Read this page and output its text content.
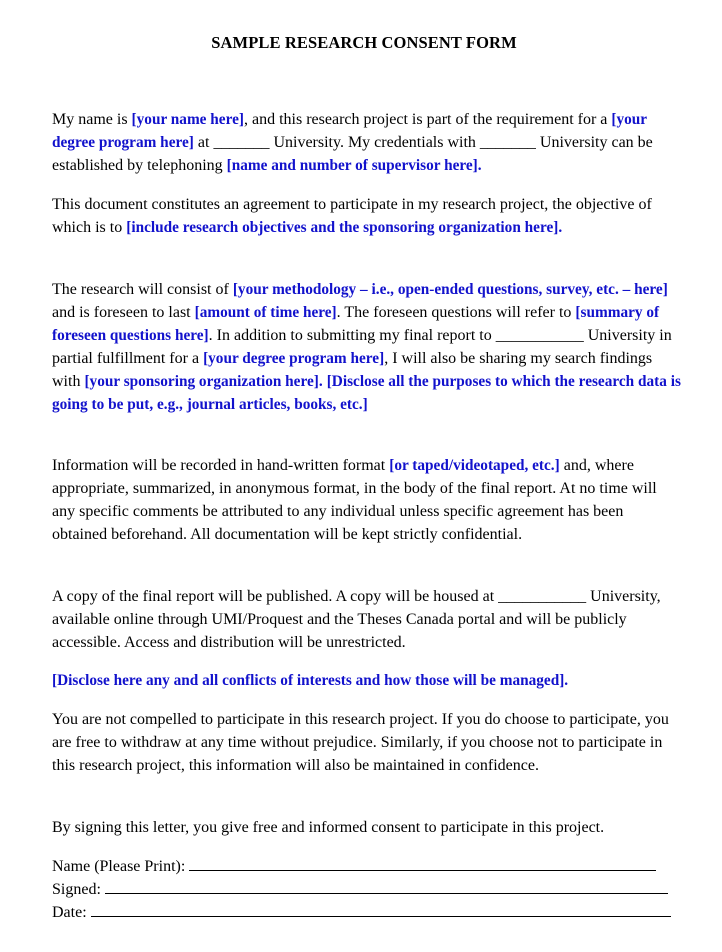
SAMPLE RESEARCH CONSENT FORM

My name is [your name here], and this research project is part of the requirement for a [your degree program here] at _______ University. My credentials with _______ University can be established by telephoning [name and number of supervisor here].

This document constitutes an agreement to participate in my research project, the objective of which is to [include research objectives and the sponsoring organization here].

The research will consist of [your methodology – i.e., open-ended questions, survey, etc. – here] and is foreseen to last [amount of time here]. The foreseen questions will refer to [summary of foreseen questions here]. In addition to submitting my final report to ___________ University in partial fulfillment for a [your degree program here], I will also be sharing my search findings with [your sponsoring organization here]. [Disclose all the purposes to which the research data is going to be put, e.g., journal articles, books, etc.]

Information will be recorded in hand-written format [or taped/videotaped, etc.] and, where appropriate, summarized, in anonymous format, in the body of the final report. At no time will any specific comments be attributed to any individual unless specific agreement has been obtained beforehand. All documentation will be kept strictly confidential.

A copy of the final report will be published. A copy will be housed at ___________ University, available online through UMI/Proquest and the Theses Canada portal and will be publicly accessible. Access and distribution will be unrestricted.

[Disclose here any and all conflicts of interests and how those will be managed].

You are not compelled to participate in this research project. If you do choose to participate, you are free to withdraw at any time without prejudice. Similarly, if you choose not to participate in this research project, this information will also be maintained in confidence.

By signing this letter, you give free and informed consent to participate in this project.

Name (Please Print):
Signed:
Date:
